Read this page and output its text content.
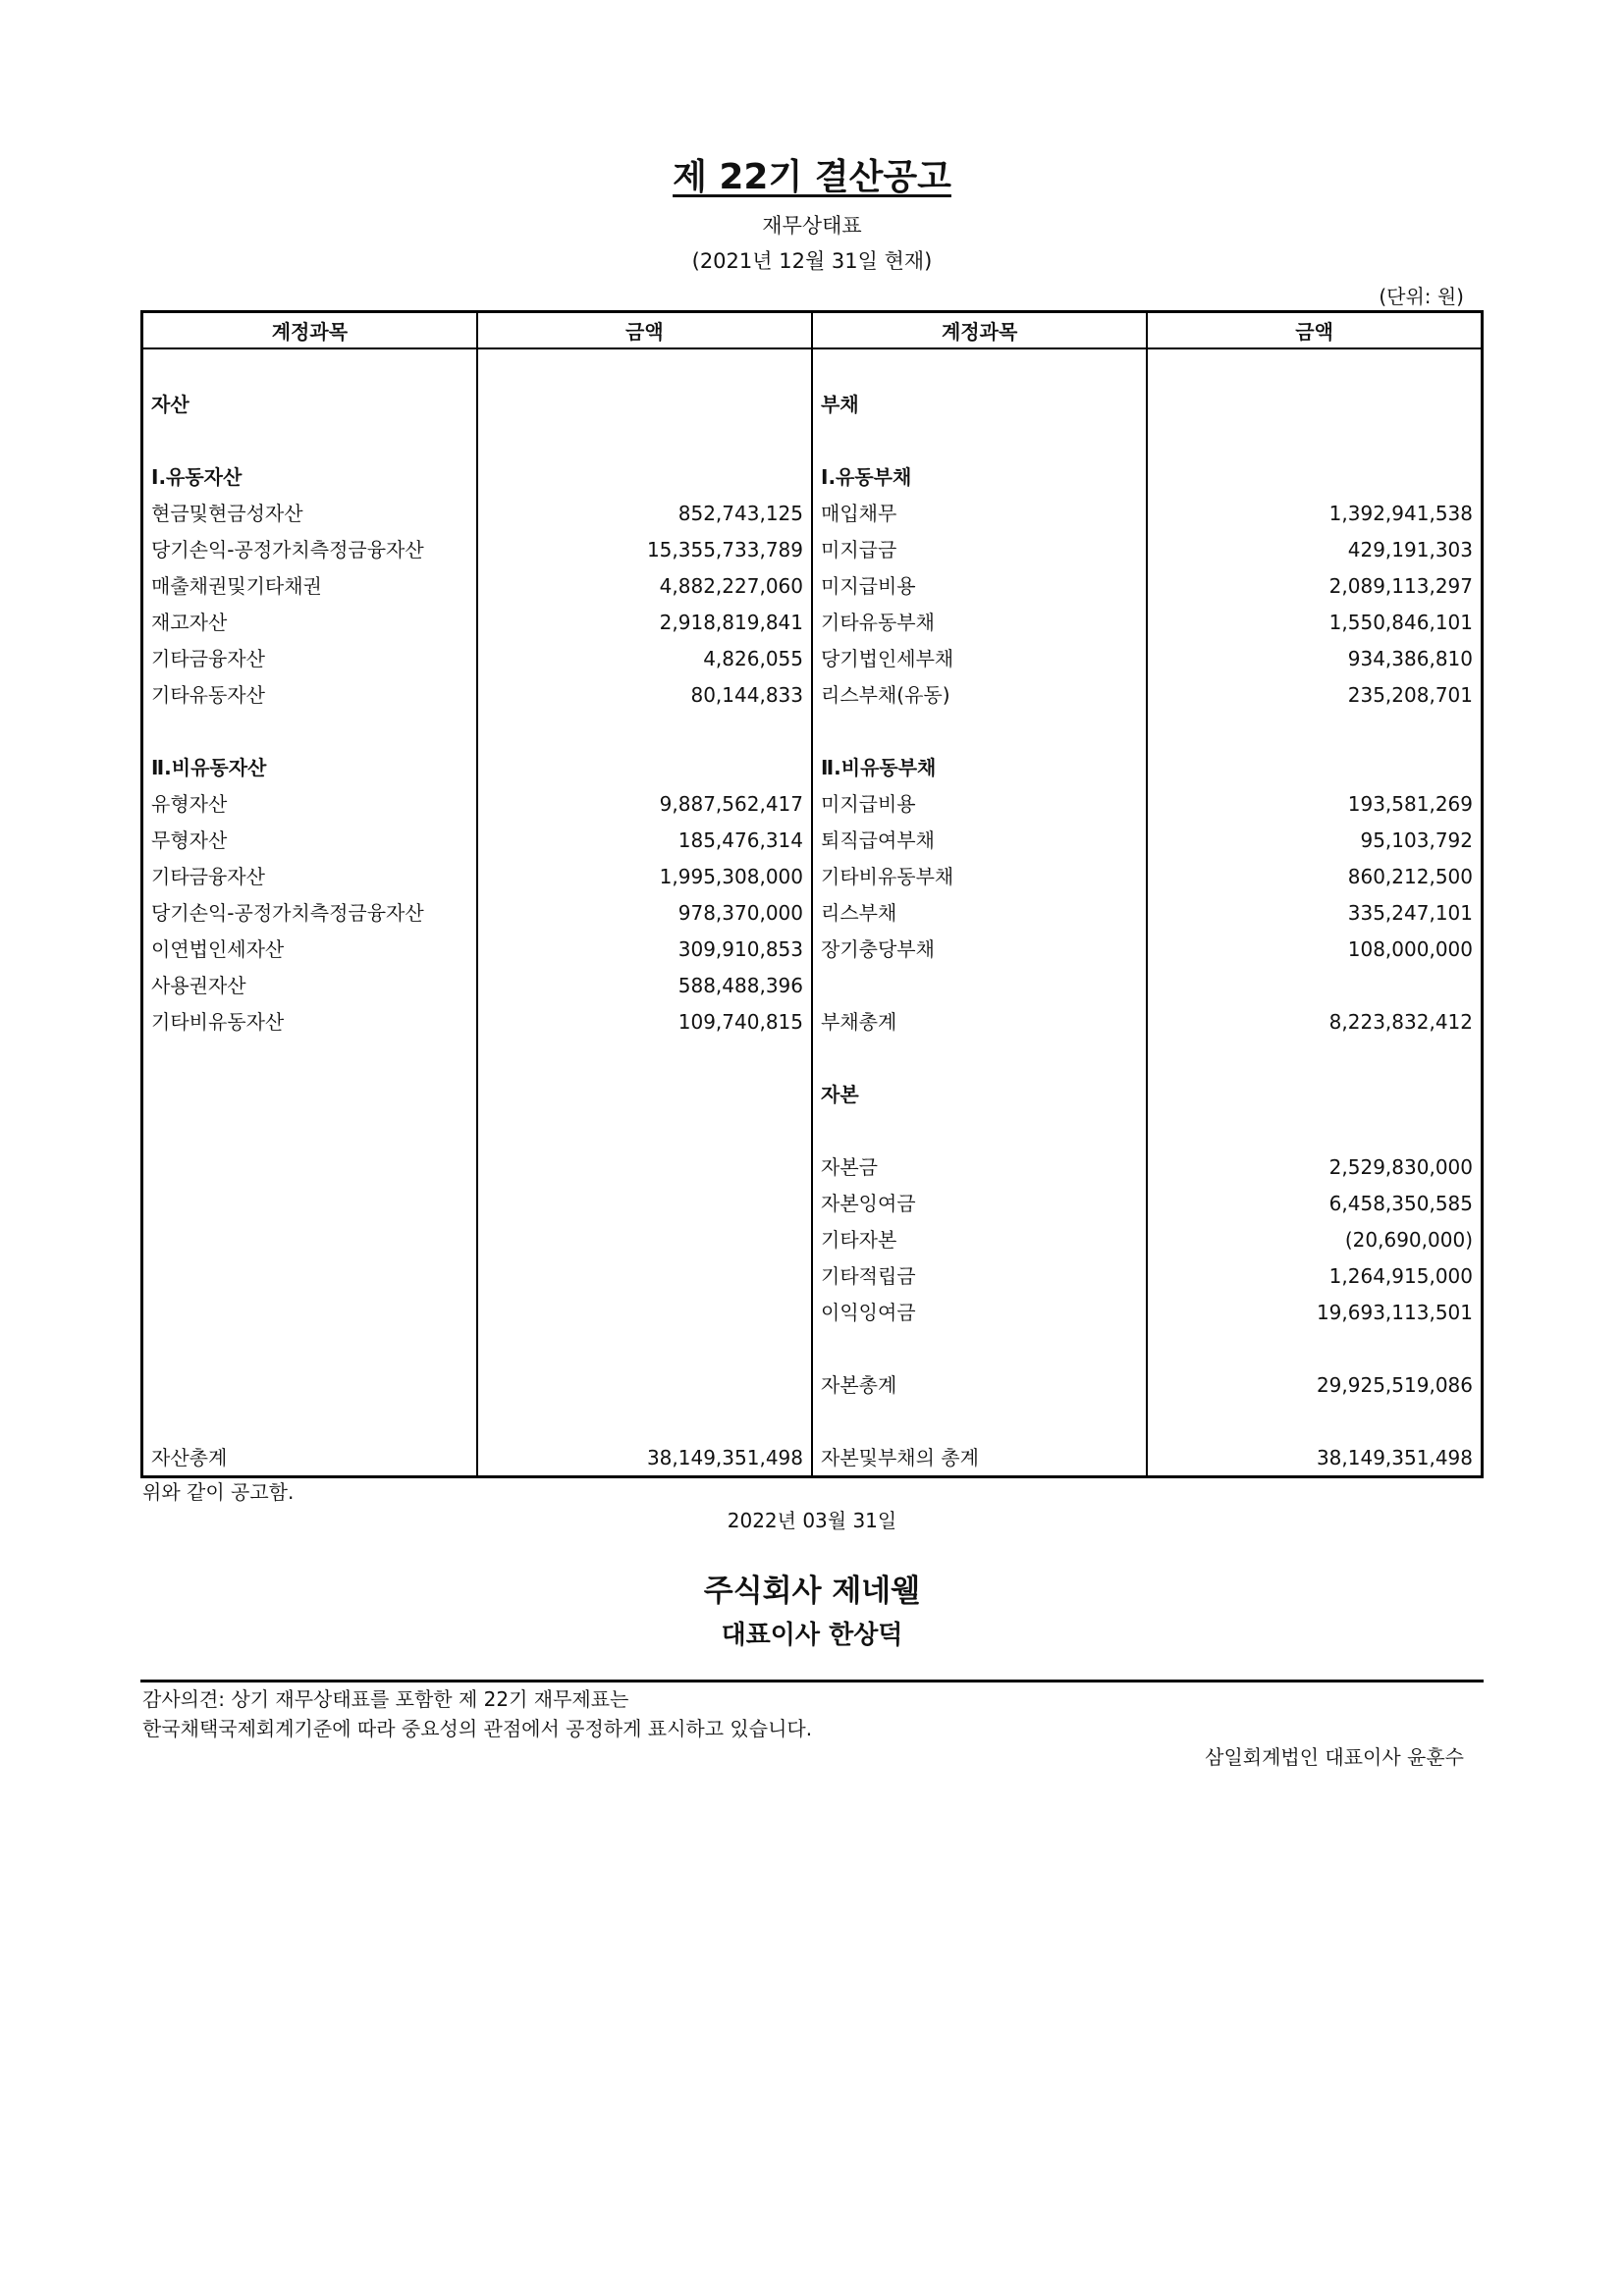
제 22기 결산공고
재무상태표
(2021년 12월 31일 현재)
(단위: 원)
계정과목	금액	계정과목	금액

자산		부채	

Ⅰ.유동자산		Ⅰ.유동부채	
현금및현금성자산	852,743,125	매입채무	1,392,941,538
당기손익-공정가치측정금융자산	15,355,733,789	미지급금	429,191,303
매출채권및기타채권	4,882,227,060	미지급비용	2,089,113,297
재고자산	2,918,819,841	기타유동부채	1,550,846,101
기타금융자산	4,826,055	당기법인세부채	934,386,810
기타유동자산	80,144,833	리스부채(유동)	235,208,701

Ⅱ.비유동자산		Ⅱ.비유동부채	
유형자산	9,887,562,417	미지급비용	193,581,269
무형자산	185,476,314	퇴직급여부채	95,103,792
기타금융자산	1,995,308,000	기타비유동부채	860,212,500
당기손익-공정가치측정금융자산	978,370,000	리스부채	335,247,101
이연법인세자산	309,910,853	장기충당부채	108,000,000
사용권자산	588,488,396		
기타비유동자산	109,740,815	부채총계	8,223,832,412

		자본	

		자본금	2,529,830,000
		자본잉여금	6,458,350,585
		기타자본	(20,690,000)
		기타적립금	1,264,915,000
		이익잉여금	19,693,113,501

		자본총계	29,925,519,086

자산총계	38,149,351,498	자본및부채의 총계	38,149,351,498
위와 같이 공고함.
2022년 03월 31일
주식회사 제네웰
대표이사 한상덕
감사의견: 상기 재무상태표를 포함한 제 22기 재무제표는
한국채택국제회계기준에 따라 중요성의 관점에서 공정하게 표시하고 있습니다.
삼일회계법인 대표이사 윤훈수
